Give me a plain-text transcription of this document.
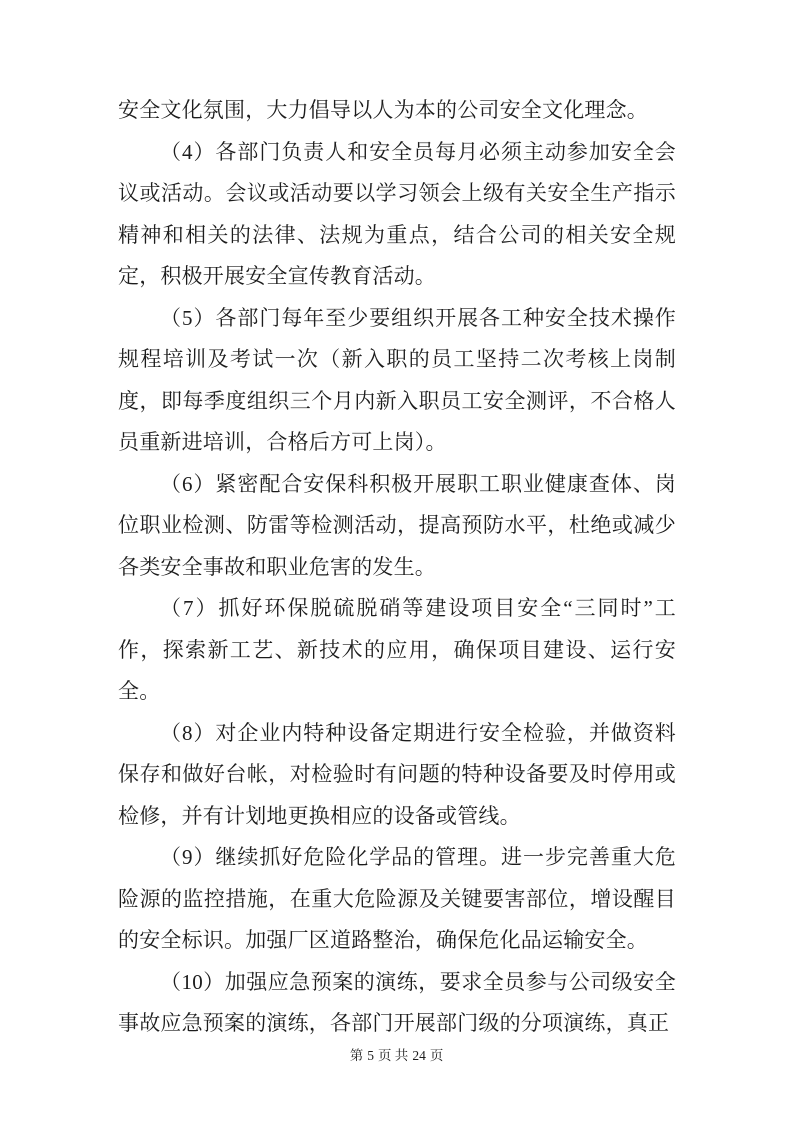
安全文化氛围，大力倡导以人为本的公司安全文化理念。

（4）各部门负责人和安全员每月必须主动参加安全会议或活动。会议或活动要以学习领会上级有关安全生产指示精神和相关的法律、法规为重点，结合公司的相关安全规定，积极开展安全宣传教育活动。

（5）各部门每年至少要组织开展各工种安全技术操作规程培训及考试一次（新入职的员工坚持二次考核上岗制度，即每季度组织三个月内新入职员工安全测评，不合格人员重新进培训，合格后方可上岗）。

（6）紧密配合安保科积极开展职工职业健康查体、岗位职业检测、防雷等检测活动，提高预防水平，杜绝或减少各类安全事故和职业危害的发生。

（7）抓好环保脱硫脱硝等建设项目安全“三同时”工作，探索新工艺、新技术的应用，确保项目建设、运行安全。

（8）对企业内特种设备定期进行安全检验，并做资料保存和做好台帐，对检验时有问题的特种设备要及时停用或检修，并有计划地更换相应的设备或管线。

（9）继续抓好危险化学品的管理。进一步完善重大危险源的监控措施，在重大危险源及关键要害部位，增设醒目的安全标识。加强厂区道路整治，确保危化品运输安全。

（10）加强应急预案的演练，要求全员参与公司级安全事故应急预案的演练，各部门开展部门级的分项演练，真正

第 5 页 共 24 页
